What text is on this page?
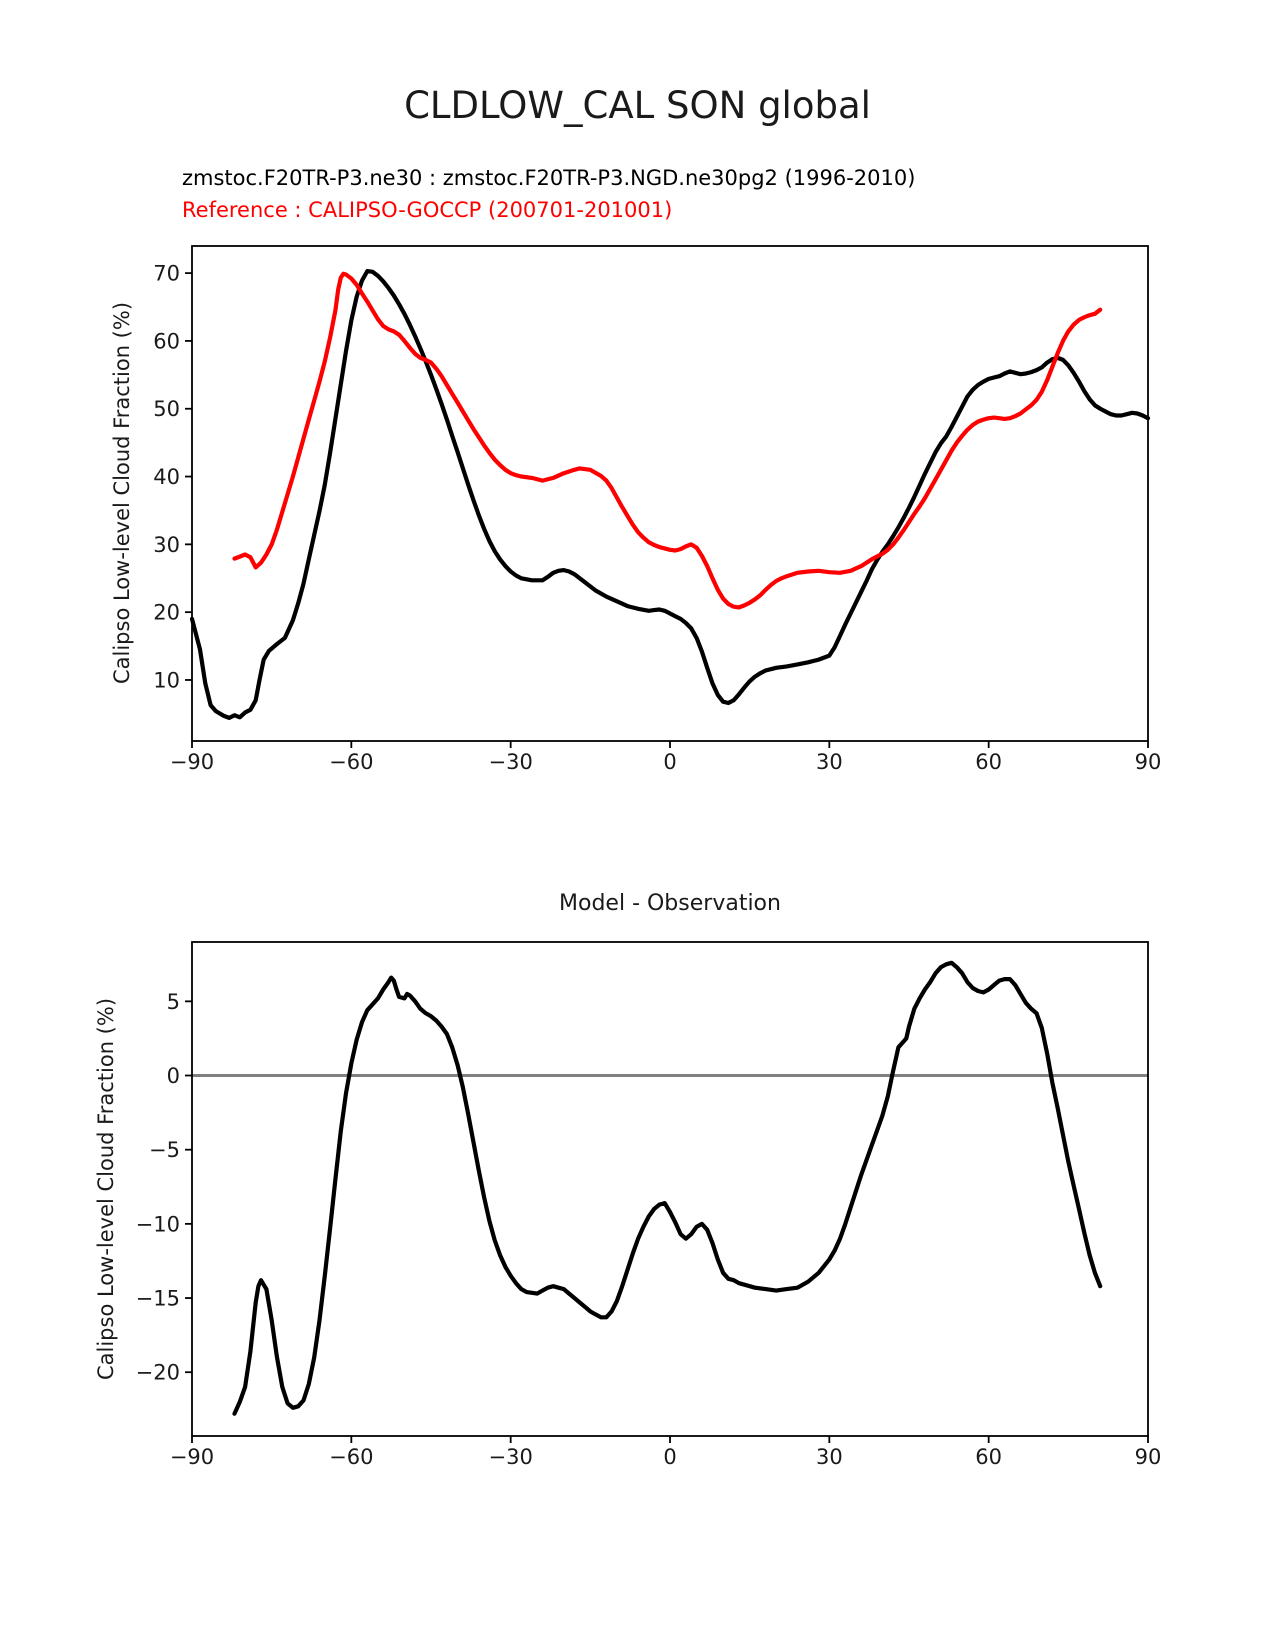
−90	−60	−30	0	30	60	90
10
20
30
40
50
60
70
−90	−60	−30	0	30	60	90
5
0
−5
−10
−15
−20
CLDLOW_CAL SON global
zmstoc.F20TR-P3.ne30 : zmstoc.F20TR-P3.NGD.ne30pg2 (1996-2010)
Reference : CALIPSO-GOCCP (200701-201001)
Model - Observation
Calipso Low-level Cloud Fraction (%)
Calipso Low-level Cloud Fraction (%)
